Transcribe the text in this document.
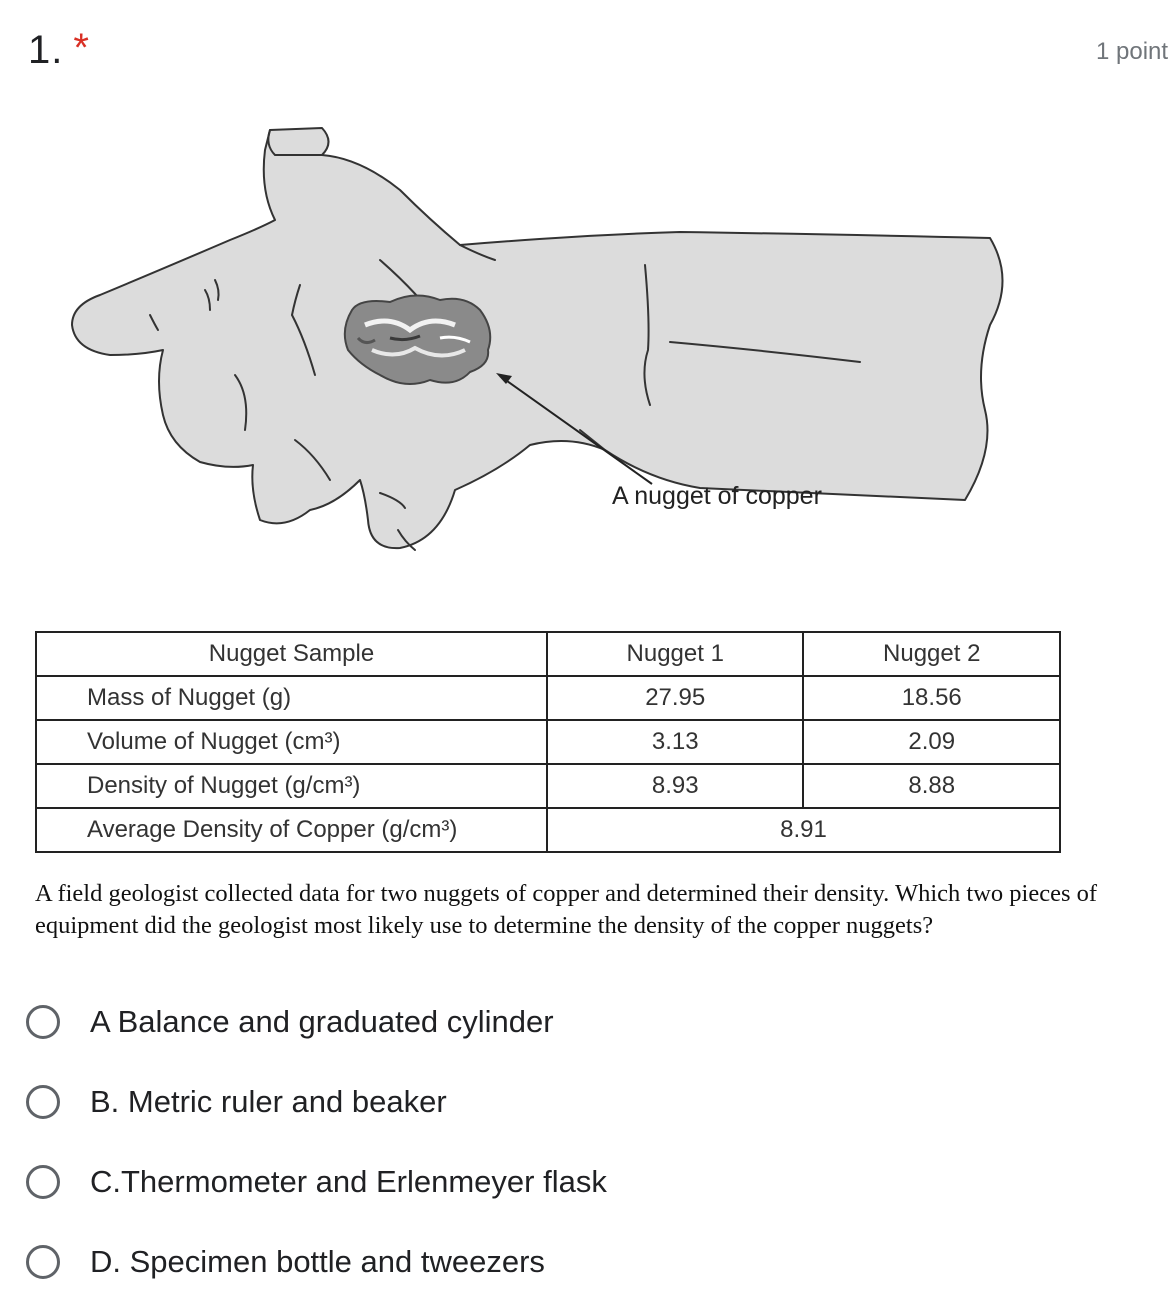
1. *	1 point
A nugget of copper
Nugget Sample	Nugget 1	Nugget 2
Mass of Nugget (g)	27.95	18.56
Volume of Nugget (cm³)	3.13	2.09
Density of Nugget (g/cm³)	8.93	8.88
Average Density of Copper (g/cm³)	8.91	
A field geologist collected data for two nuggets of copper and determined their density. Which two pieces of equipment did the geologist most likely use to determine the density of the copper nuggets?
A Balance and graduated cylinder
B. Metric ruler and beaker
C.Thermometer and Erlenmeyer flask
D. Specimen bottle and tweezers
